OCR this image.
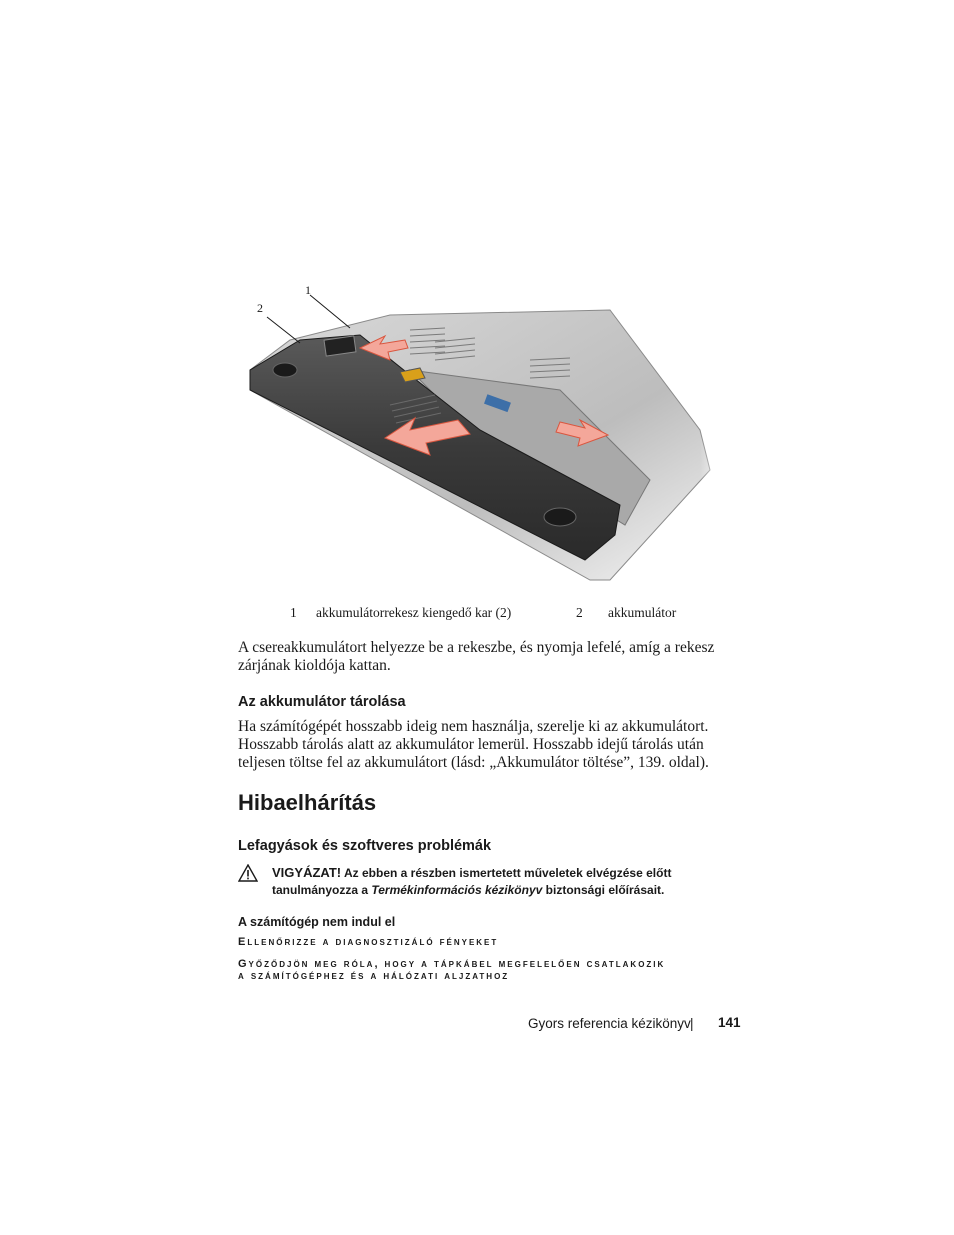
1
2
1 akkumulátorrekesz kiengedő kar (2)	2 akkumulátor
A csereakkumulátort helyezze be a rekeszbe, és nyomja lefelé, amíg a rekesz
zárjának kioldója kattan.
Az akkumulátor tárolása
Ha számítógépét hosszabb ideig nem használja, szerelje ki az akkumulátort.
Hosszabb tárolás alatt az akkumulátor lemerül. Hosszabb idejű tárolás után
teljesen töltse fel az akkumulátort (lásd: „Akkumulátor töltése”, 139. oldal).
Hibaelhárítás
Lefagyások és szoftveres problémák
VIGYÁZAT! Az ebben a részben ismertetett műveletek elvégzése előtt
tanulmányozza a Termékinformációs kézikönyv biztonsági előírásait.
A számítógép nem indul el
Ellenőrizze a diagnosztizáló fényeket
Győződjön meg róla, hogy a tápkábel megfelelően csatlakozik
a számítógéphez és a hálózati aljzathoz
Gyors referencia kézikönyv | 141
